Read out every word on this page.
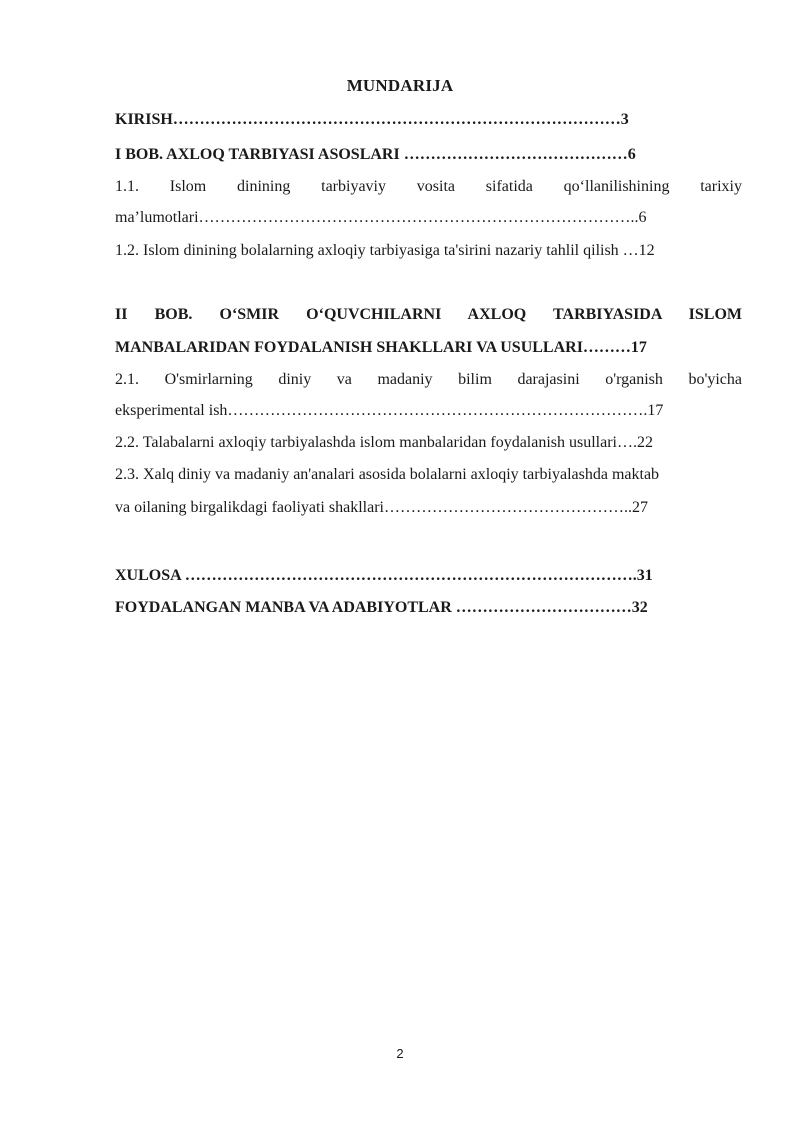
MUNDARIJA
KIRISH…………………………………………………………………………3
I BOB. AXLOQ TARBIYASI ASOSLARI ……………………………………6
1.1. Islom dinining tarbiyaviy vosita sifatida qo‘llanilishining tarixiy
ma’lumotlari………………………………………………………………………..6
1.2. Islom dinining bolalarning axloqiy tarbiyasiga ta'sirini nazariy tahlil qilish …12
II BOB. O‘SMIR O‘QUVCHILARNI AXLOQ TARBIYASIDA ISLOM
MANBALARIDAN FOYDALANISH SHAKLLARI VA USULLARI………17
2.1. O'smirlarning diniy va madaniy bilim darajasini o'rganish bo'yicha
eksperimental ish…………………………………………………………………….17
2.2. Talabalarni axloqiy tarbiyalashda islom manbalaridan foydalanish usullari….22
2.3. Xalq diniy va madaniy an'analari asosida bolalarni axloqiy tarbiyalashda maktab
va oilaning birgalikdagi faoliyati shakllari………………………………………..27
XULOSA ………………………………………………………………………….31
FOYDALANGAN MANBA VA ADABIYOTLAR ……………………………32
2
